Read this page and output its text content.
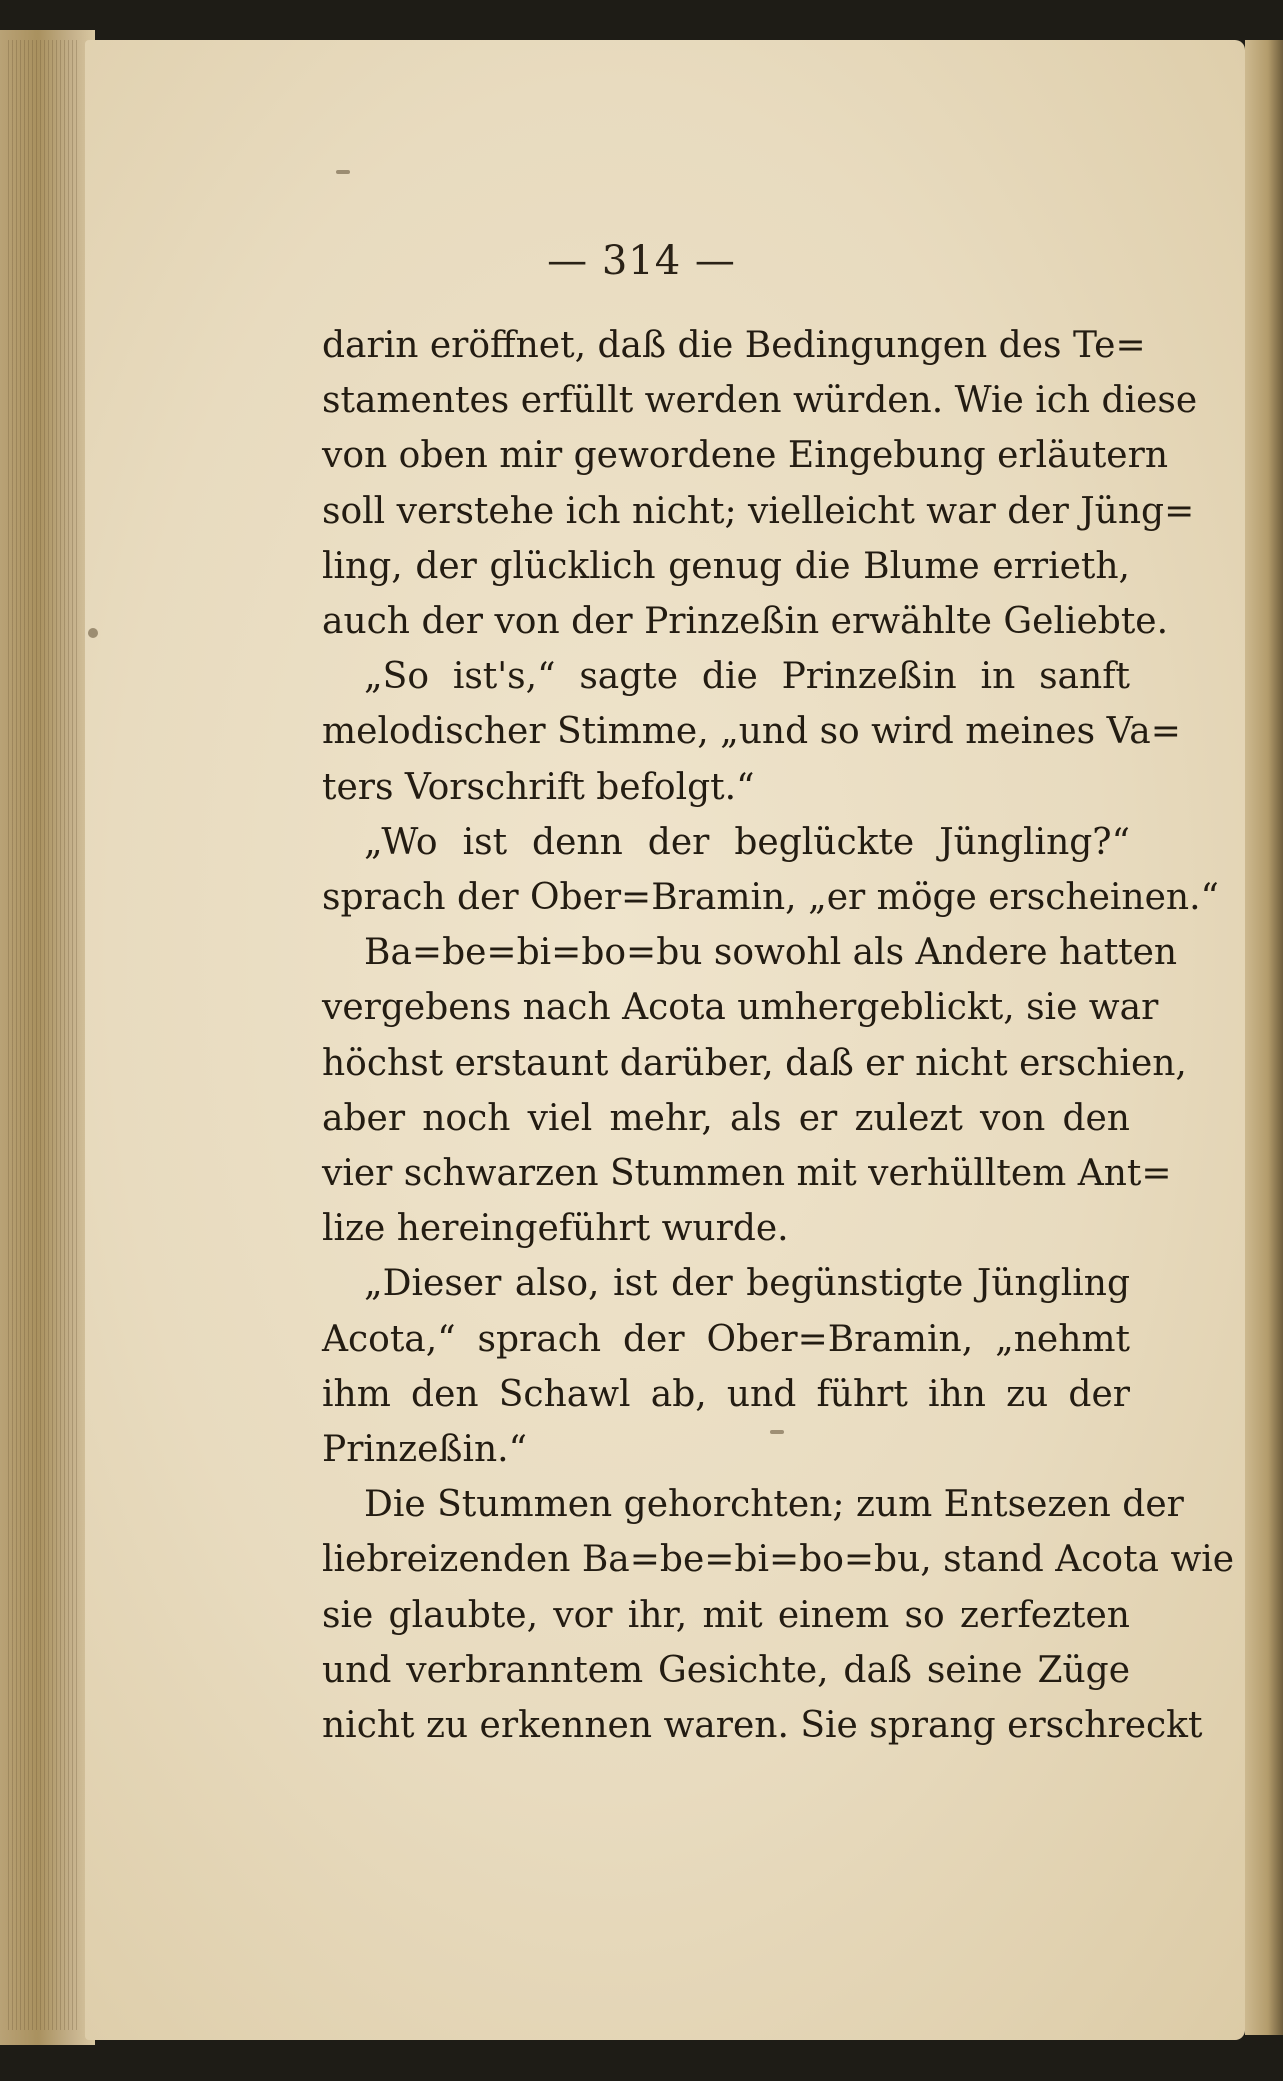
— 314 —
darin eröffnet, daß die Bedingungen des Te=
stamentes erfüllt werden würden. Wie ich diese
von oben mir gewordene Eingebung erläutern
soll verstehe ich nicht; vielleicht war der Jüng=
ling, der glücklich genug die Blume errieth,
auch der von der Prinzeßin erwählte Geliebte.
„So ist's,“ sagte die Prinzeßin in sanft
melodischer Stimme, „und so wird meines Va=
ters Vorschrift befolgt.“
„Wo ist denn der beglückte Jüngling?“
sprach der Ober=Bramin, „er möge erscheinen.“
Ba=be=bi=bo=bu sowohl als Andere hatten
vergebens nach Acota umhergeblickt, sie war
höchst erstaunt darüber, daß er nicht erschien,
aber noch viel mehr, als er zulezt von den
vier schwarzen Stummen mit verhülltem Ant=
lize hereingeführt wurde.
„Dieser also, ist der begünstigte Jüngling
Acota,“ sprach der Ober=Bramin, „nehmt
ihm den Schawl ab, und führt ihn zu der
Prinzeßin.“
Die Stummen gehorchten; zum Entsezen der
liebreizenden Ba=be=bi=bo=bu, stand Acota wie
sie glaubte, vor ihr, mit einem so zerfezten
und verbranntem Gesichte, daß seine Züge
nicht zu erkennen waren. Sie sprang erschreckt
